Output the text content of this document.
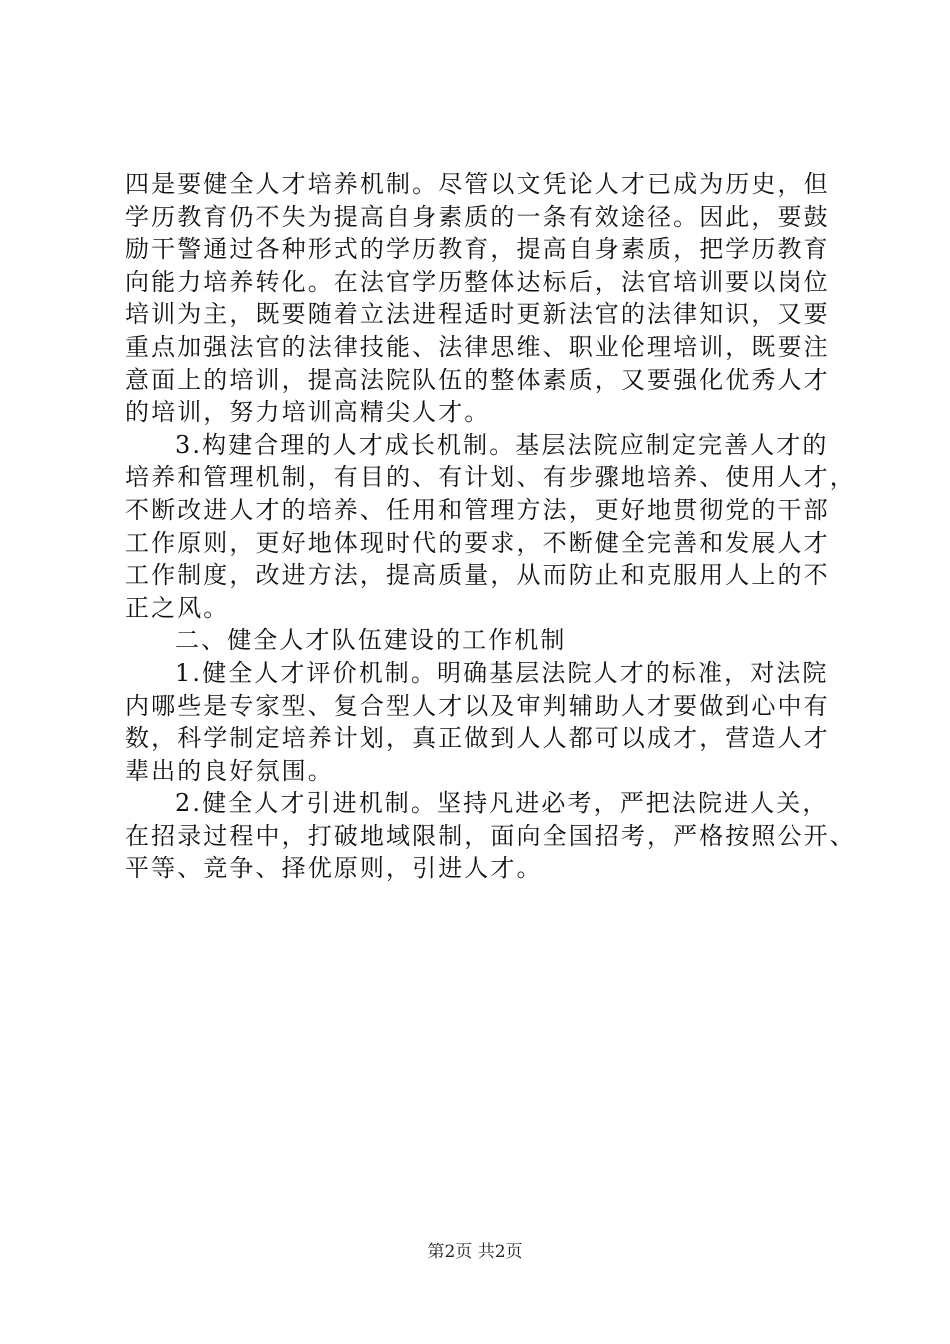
四是要健全人才培养机制。尽管以文凭论人才已成为历史，但
学历教育仍不失为提高自身素质的一条有效途径。因此，要鼓
励干警通过各种形式的学历教育，提高自身素质，把学历教育
向能力培养转化。在法官学历整体达标后，法官培训要以岗位
培训为主，既要随着立法进程适时更新法官的法律知识，又要
重点加强法官的法律技能、法律思维、职业伦理培训，既要注
意面上的培训，提高法院队伍的整体素质，又要强化优秀人才
的培训，努力培训高精尖人才。
3.构建合理的人才成长机制。基层法院应制定完善人才的
培养和管理机制，有目的、有计划、有步骤地培养、使用人才，
不断改进人才的培养、任用和管理方法，更好地贯彻党的干部
工作原则，更好地体现时代的要求，不断健全完善和发展人才
工作制度，改进方法，提高质量，从而防止和克服用人上的不
正之风。
二、健全人才队伍建设的工作机制
1.健全人才评价机制。明确基层法院人才的标准，对法院
内哪些是专家型、复合型人才以及审判辅助人才要做到心中有
数，科学制定培养计划，真正做到人人都可以成才，营造人才
辈出的良好氛围。
2.健全人才引进机制。坚持凡进必考，严把法院进人关，
在招录过程中，打破地域限制，面向全国招考，严格按照公开、
平等、竞争、择优原则，引进人才。
第2页 共2页
